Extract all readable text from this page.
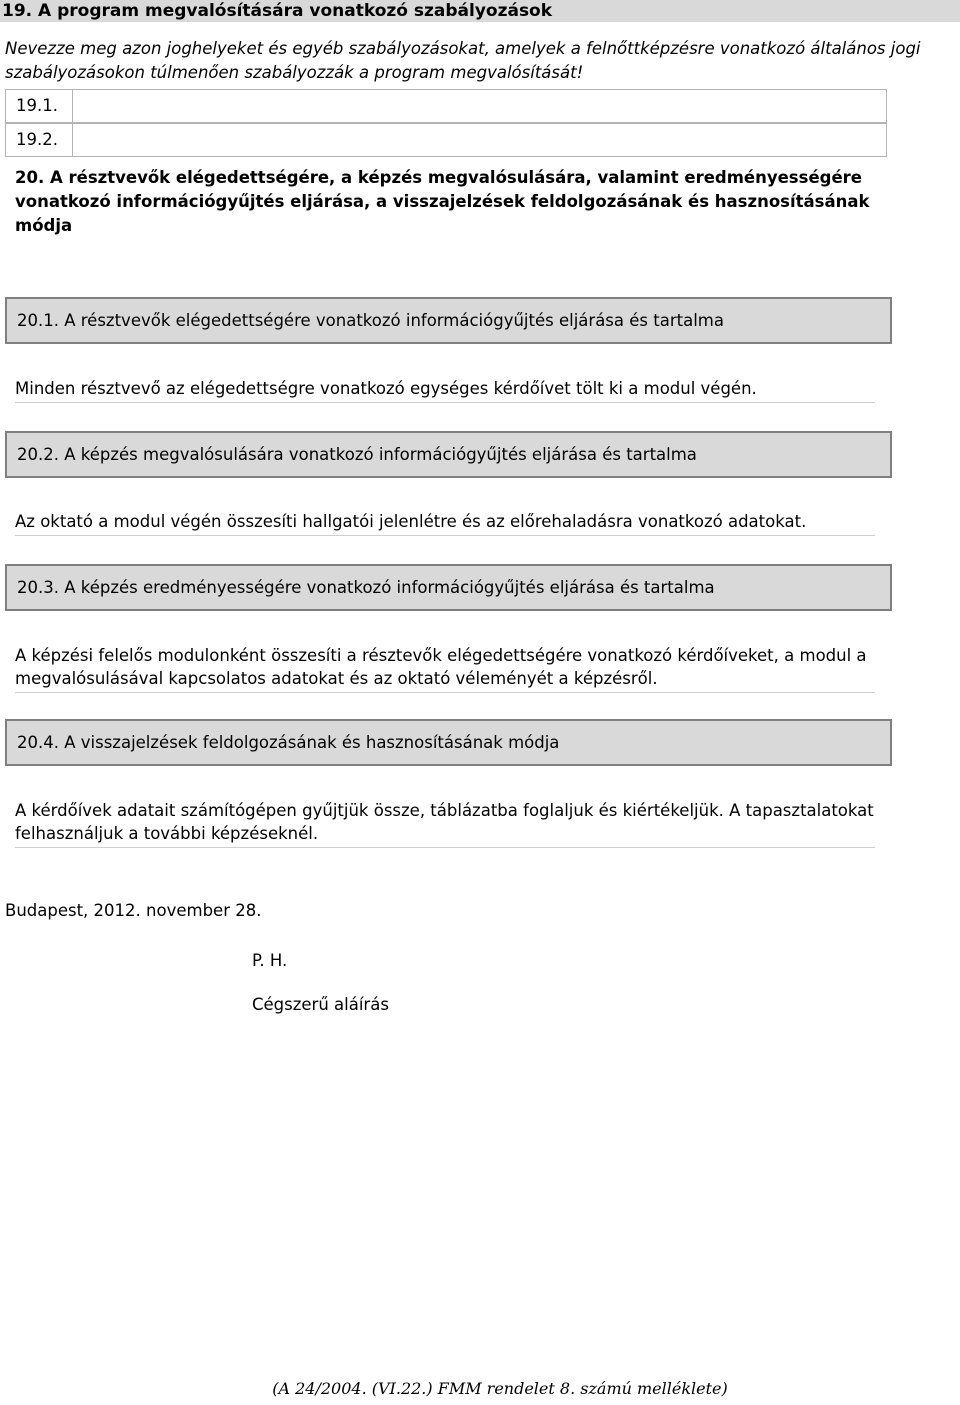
19. A program megvalósítására vonatkozó szabályozások
Nevezze meg azon joghelyeket és egyéb szabályozásokat, amelyek a felnőttképzésre vonatkozó általános jogi szabályozásokon túlmenően szabályozzák a program megvalósítását!
19.1.
19.2.
20. A résztvevők elégedettségére, a képzés megvalósulására, valamint eredményességére vonatkozó információgyűjtés eljárása, a visszajelzések feldolgozásának és hasznosításának módja
20.1. A résztvevők elégedettségére vonatkozó információgyűjtés eljárása és tartalma
Minden résztvevő az elégedettségre vonatkozó egységes kérdőívet tölt ki a modul végén.
20.2. A képzés megvalósulására vonatkozó információgyűjtés eljárása és tartalma
Az oktató a modul végén összesíti hallgatói jelenlétre és az előrehaladásra vonatkozó adatokat.
20.3. A képzés eredményességére vonatkozó információgyűjtés eljárása és tartalma
A képzési felelős modulonként összesíti a résztevők elégedettségére vonatkozó kérdőíveket, a modul a megvalósulásával kapcsolatos adatokat és az oktató véleményét a képzésről.
20.4. A visszajelzések feldolgozásának és hasznosításának módja
A kérdőívek adatait számítógépen gyűjtjük össze, táblázatba foglaljuk és kiértékeljük. A tapasztalatokat felhasználjuk a további képzéseknél.
Budapest, 2012. november 28.
P. H.
Cégszerű aláírás
(A 24/2004. (VI.22.) FMM rendelet 8. számú melléklete)
